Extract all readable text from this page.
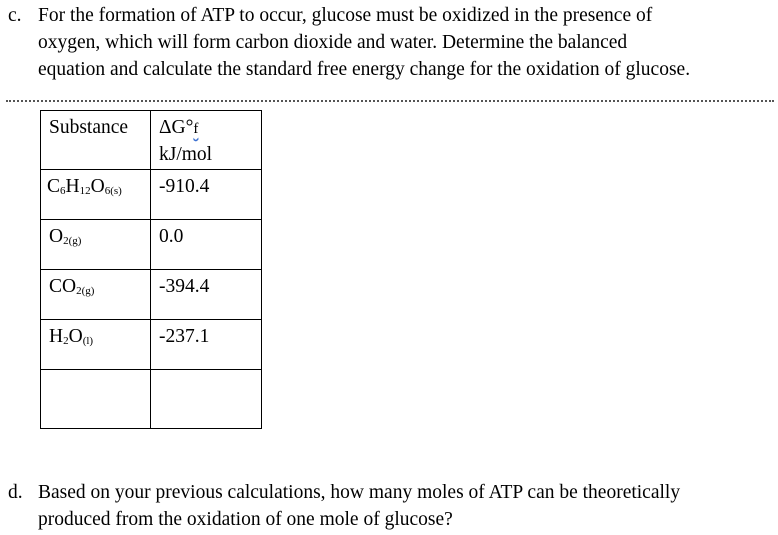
c. For the formation of ATP to occur, glucose must be oxidized in the presence of
oxygen, which will form carbon dioxide and water. Determine the balanced
equation and calculate the standard free energy change for the oxidation of glucose.
Substance	ΔG°f
kJ/mol

$C_6H_{12}O_{6(s)}$	-910.4

$O_{2(g)}$	0.0

$CO_{2(g)}$	-394.4

$H_2O_{(l)}$	-237.1

d. Based on your previous calculations, how many moles of ATP can be theoretically
produced from the oxidation of one mole of glucose?
